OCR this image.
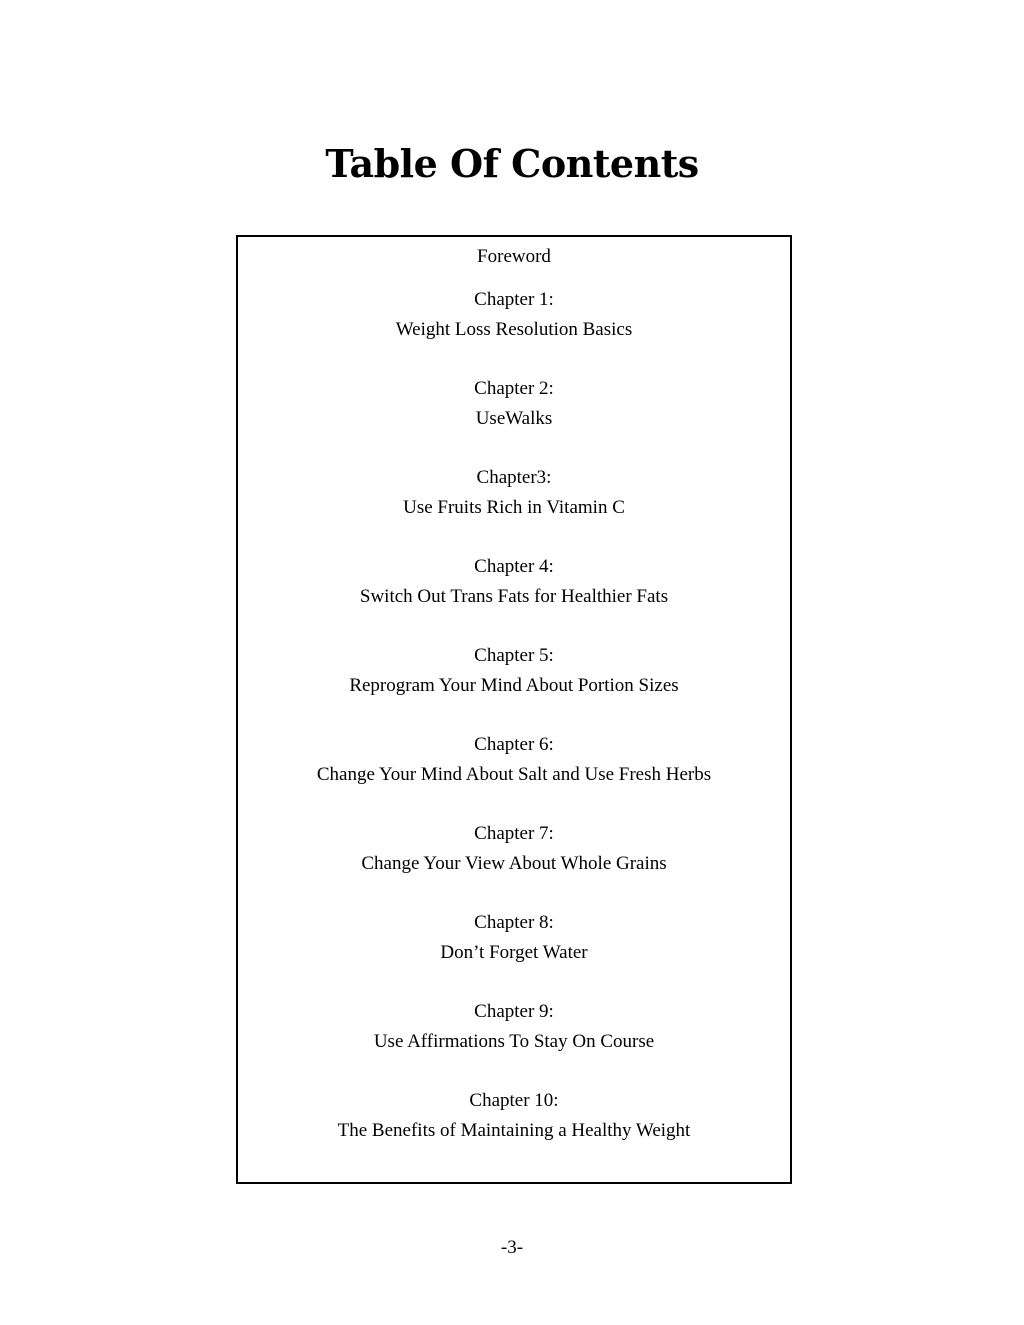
Table Of Contents
Foreword
Chapter 1:
Weight Loss Resolution Basics
Chapter 2:
UseWalks
Chapter3:
Use Fruits Rich in Vitamin C
Chapter 4:
Switch Out Trans Fats for Healthier Fats
Chapter 5:
Reprogram Your Mind About Portion Sizes
Chapter 6:
Change Your Mind About Salt and Use Fresh Herbs
Chapter 7:
Change Your View About Whole Grains
Chapter 8:
Don’t Forget Water
Chapter 9:
Use Affirmations To Stay On Course
Chapter 10:
The Benefits of Maintaining a Healthy Weight
-3-
